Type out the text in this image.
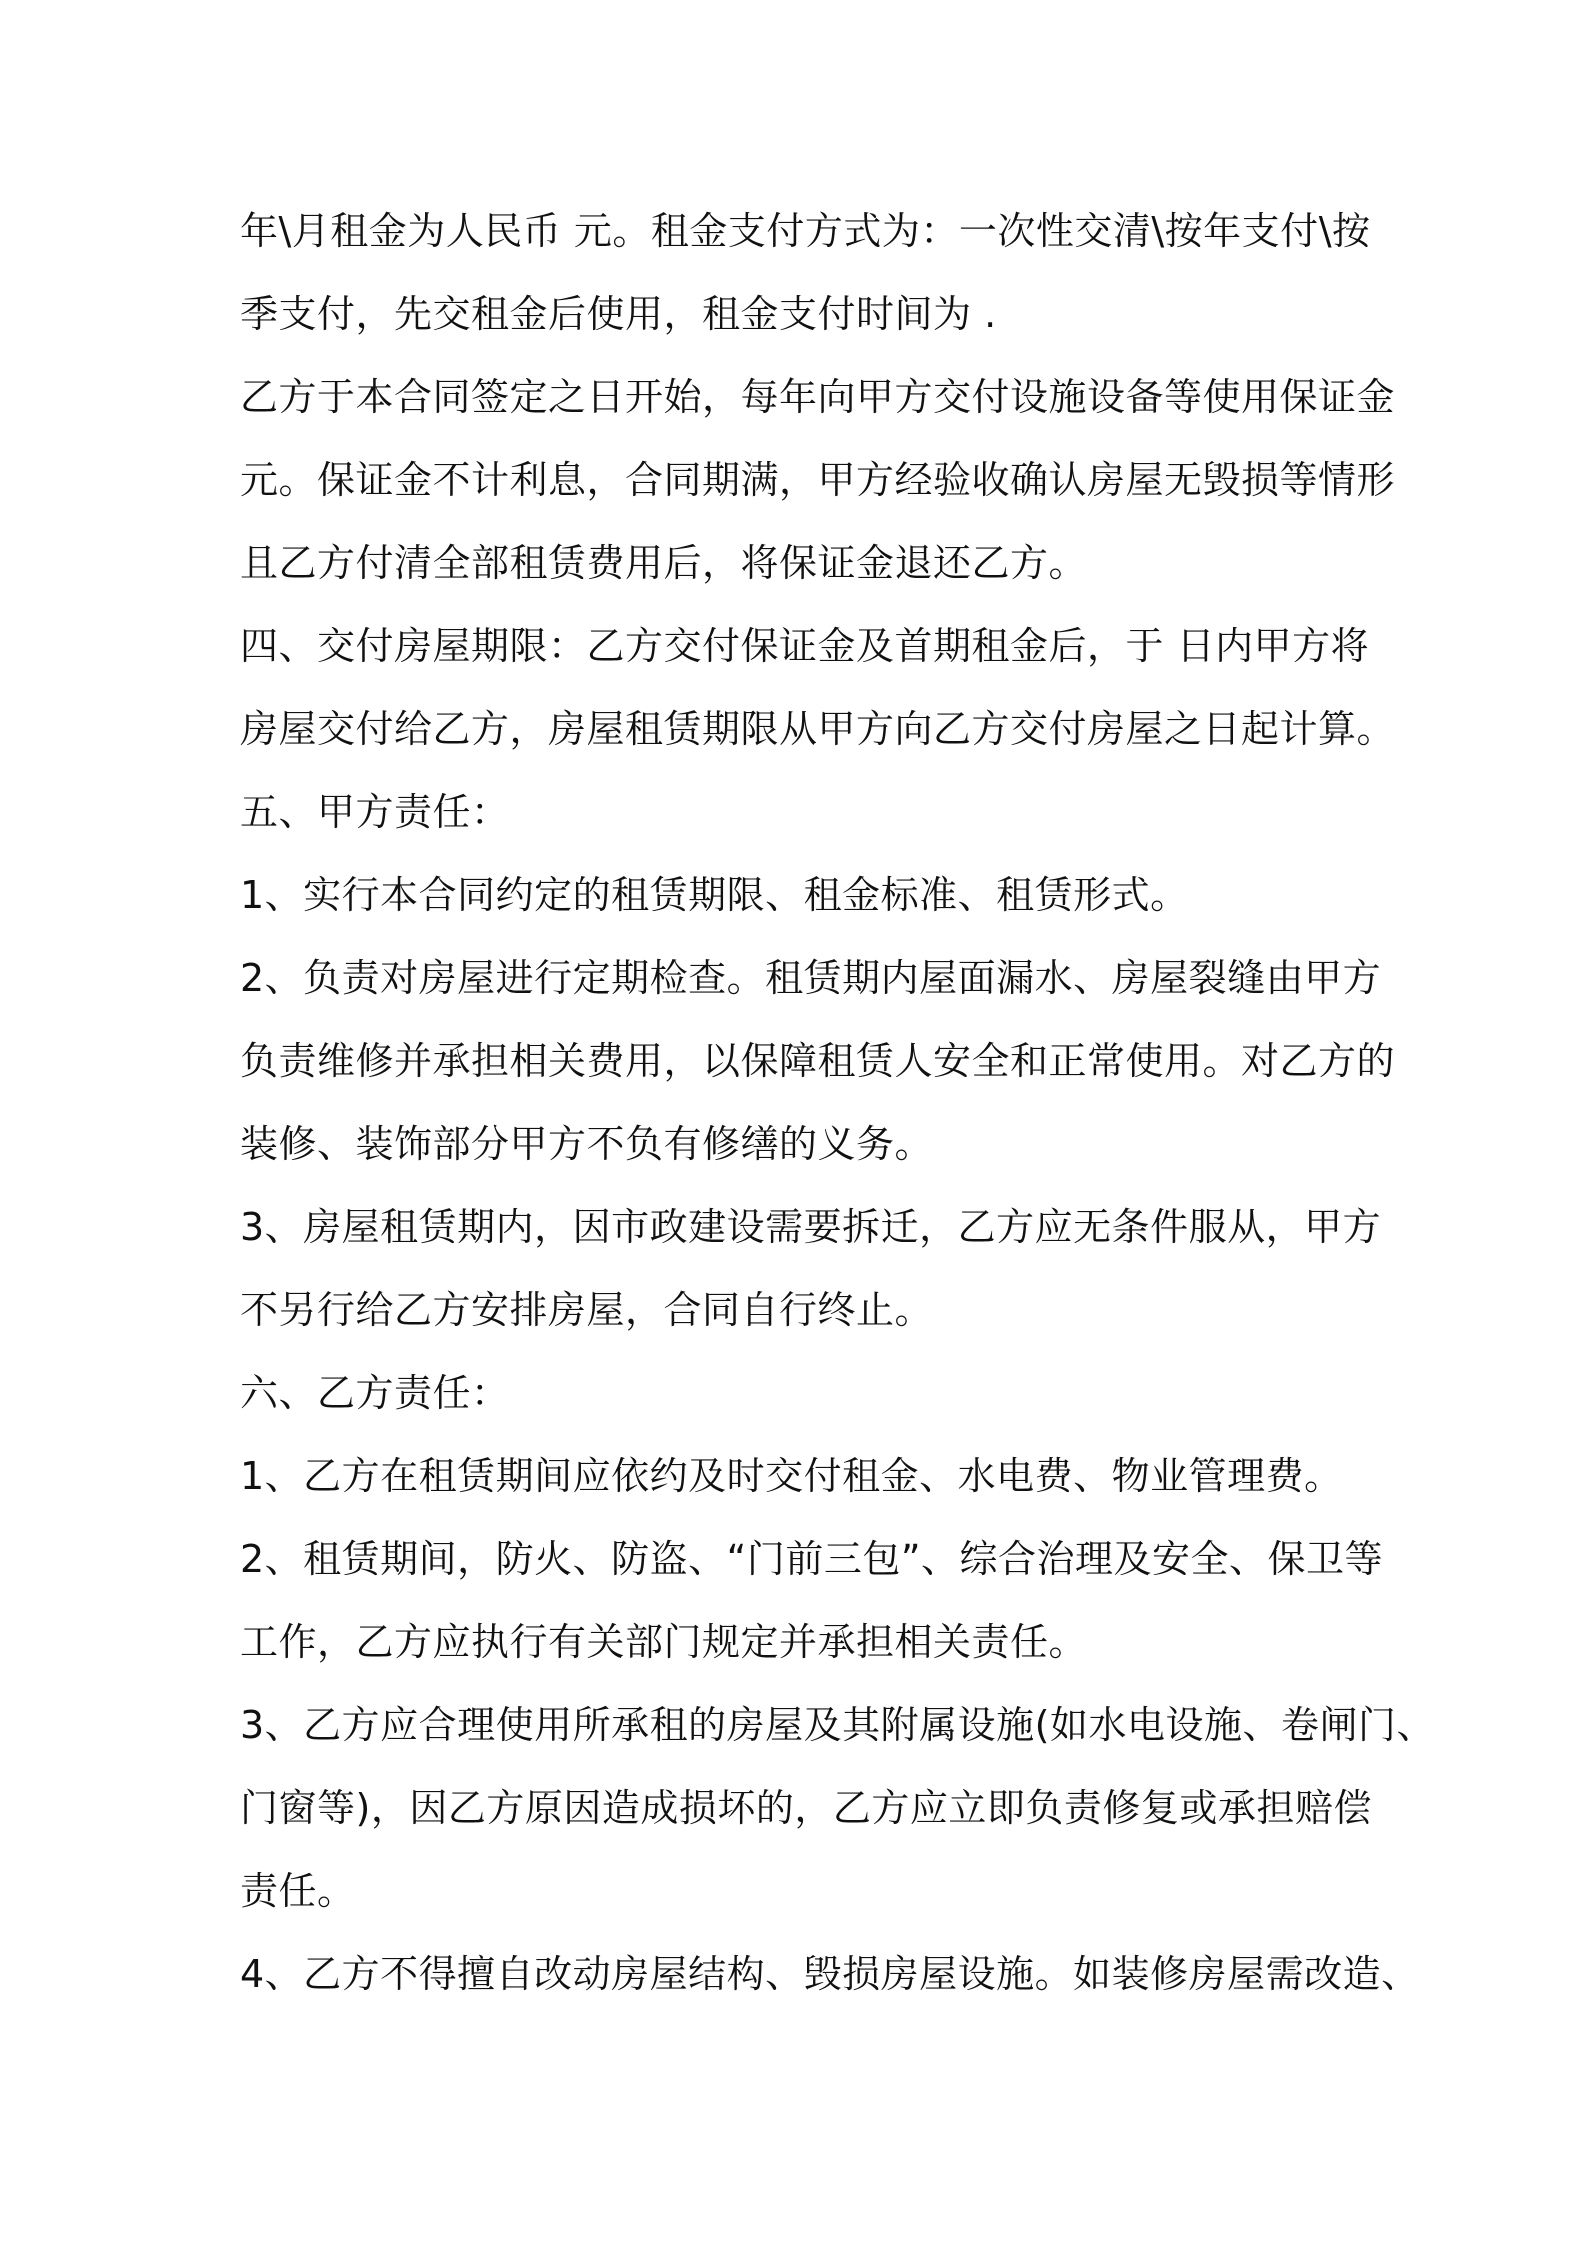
年\月租金为人民币 元。租金支付方式为：一次性交清\按年支付\按
季支付，先交租金后使用，租金支付时间为 .
乙方于本合同签定之日开始，每年向甲方交付设施设备等使用保证金
元。保证金不计利息，合同期满，甲方经验收确认房屋无毁损等情形
且乙方付清全部租赁费用后，将保证金退还乙方。
四、交付房屋期限：乙方交付保证金及首期租金后，于 日内甲方将
房屋交付给乙方，房屋租赁期限从甲方向乙方交付房屋之日起计算。
五、甲方责任：
1、实行本合同约定的租赁期限、租金标准、租赁形式。
2、负责对房屋进行定期检查。租赁期内屋面漏水、房屋裂缝由甲方
负责维修并承担相关费用，以保障租赁人安全和正常使用。对乙方的
装修、装饰部分甲方不负有修缮的义务。
3、房屋租赁期内，因市政建设需要拆迁，乙方应无条件服从，甲方
不另行给乙方安排房屋，合同自行终止。
六、乙方责任：
1、乙方在租赁期间应依约及时交付租金、水电费、物业管理费。
2、租赁期间，防火、防盗、“门前三包”、综合治理及安全、保卫等
工作，乙方应执行有关部门规定并承担相关责任。
3、乙方应合理使用所承租的房屋及其附属设施(如水电设施、卷闸门、
门窗等)，因乙方原因造成损坏的，乙方应立即负责修复或承担赔偿
责任。
4、乙方不得擅自改动房屋结构、毁损房屋设施。如装修房屋需改造、
